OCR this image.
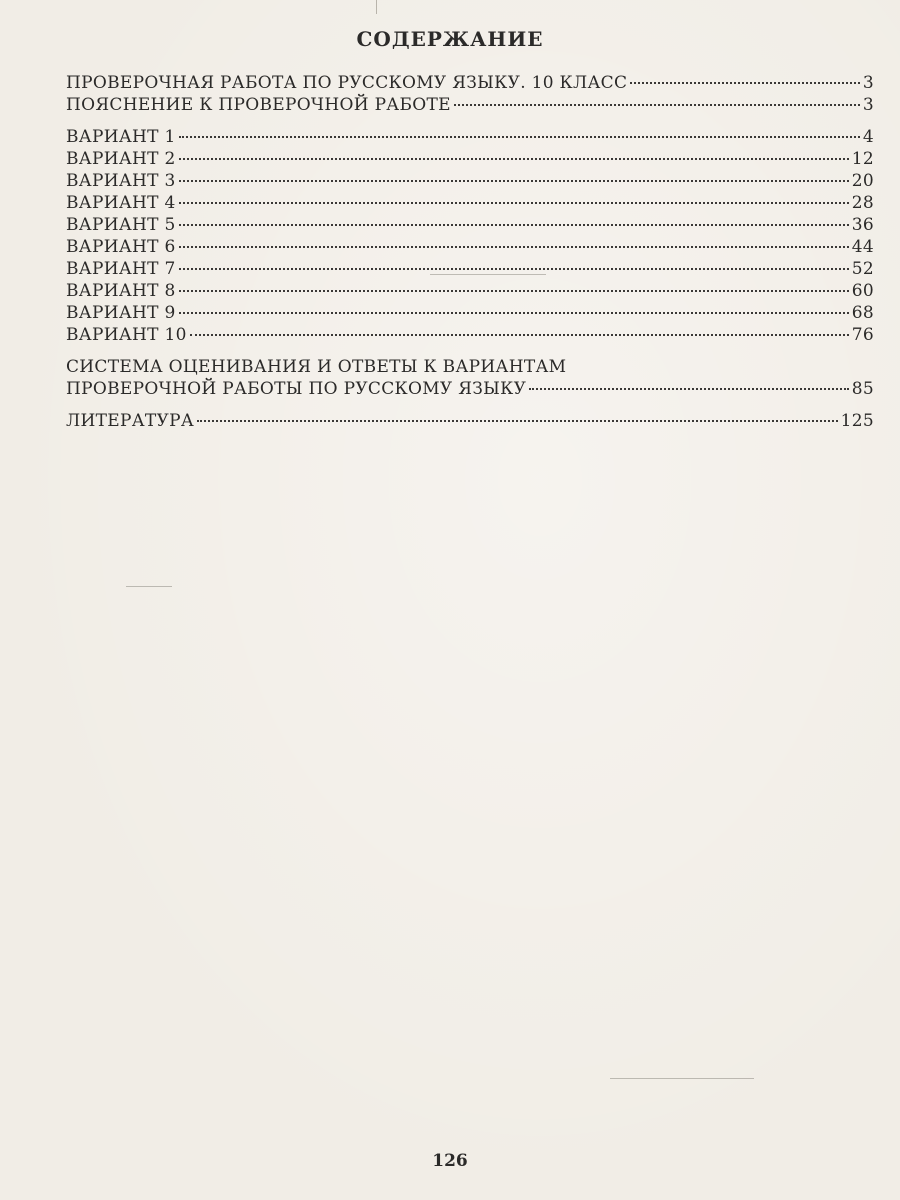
СОДЕРЖАНИЕ
ПРОВЕРОЧНАЯ РАБОТА ПО РУССКОМУ ЯЗЫКУ. 10 КЛАСС	3
ПОЯСНЕНИЕ К ПРОВЕРОЧНОЙ РАБОТЕ	3
ВАРИАНТ 1	4
ВАРИАНТ 2	12
ВАРИАНТ 3	20
ВАРИАНТ 4	28
ВАРИАНТ 5	36
ВАРИАНТ 6	44
ВАРИАНТ 7	52
ВАРИАНТ 8	60
ВАРИАНТ 9	68
ВАРИАНТ 10	76
СИСТЕМА ОЦЕНИВАНИЯ И ОТВЕТЫ К ВАРИАНТАМ
ПРОВЕРОЧНОЙ РАБОТЫ ПО РУССКОМУ ЯЗЫКУ	85
ЛИТЕРАТУРА	125
126
